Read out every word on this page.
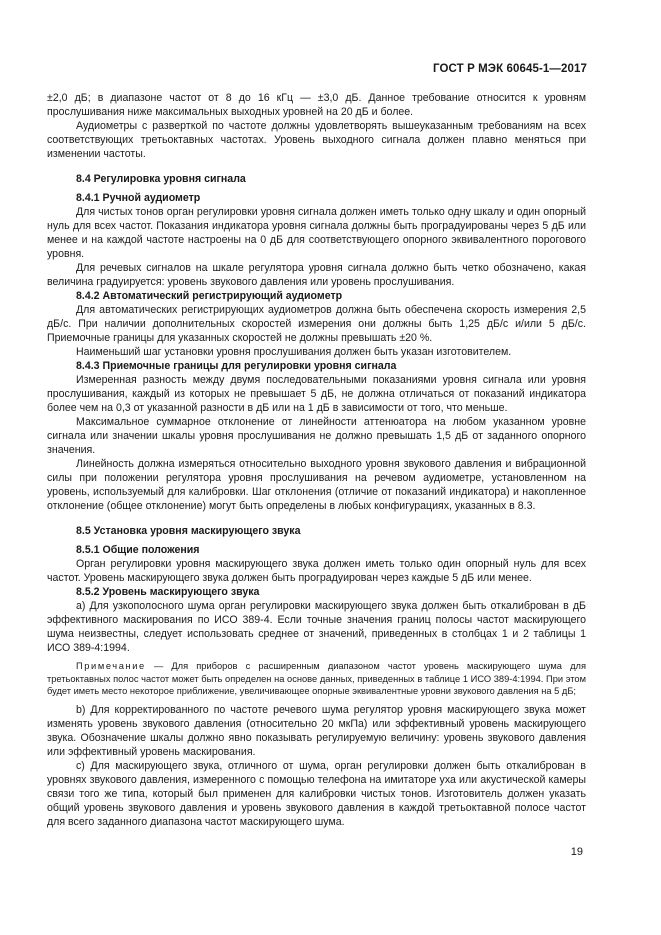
ГОСТ Р МЭК 60645-1—2017

±2,0 дБ; в диапазоне частот от 8 до 16 кГц — ±3,0 дБ. Данное требование относится к уровням прослушивания ниже максимальных выходных уровней на 20 дБ и более.

Аудиометры с разверткой по частоте должны удовлетворять вышеуказанным требованиям на всех соответствующих третьоктавных частотах. Уровень выходного сигнала должен плавно меняться при изменении частоты.

8.4 Регулировка уровня сигнала

8.4.1 Ручной аудиометр

Для чистых тонов орган регулировки уровня сигнала должен иметь только одну шкалу и один опорный нуль для всех частот. Показания индикатора уровня сигнала должны быть проградуированы через 5 дБ или менее и на каждой частоте настроены на 0 дБ для соответствующего опорного эквивалентного порогового уровня.

Для речевых сигналов на шкале регулятора уровня сигнала должно быть четко обозначено, какая величина градуируется: уровень звукового давления или уровень прослушивания.

8.4.2 Автоматический регистрирующий аудиометр

Для автоматических регистрирующих аудиометров должна быть обеспечена скорость измерения 2,5 дБ/с. При наличии дополнительных скоростей измерения они должны быть 1,25 дБ/с и/или 5 дБ/с. Приемочные границы для указанных скоростей не должны превышать ±20 %.

Наименьший шаг установки уровня прослушивания должен быть указан изготовителем.

8.4.3 Приемочные границы для регулировки уровня сигнала

Измеренная разность между двумя последовательными показаниями уровня сигнала или уровня прослушивания, каждый из которых не превышает 5 дБ, не должна отличаться от показаний индикатора более чем на 0,3 от указанной разности в дБ или на 1 дБ в зависимости от того, что меньше.

Максимальное суммарное отклонение от линейности аттенюатора на любом указанном уровне сигнала или значении шкалы уровня прослушивания не должно превышать 1,5 дБ от заданного опорного значения.

Линейность должна измеряться относительно выходного уровня звукового давления и вибрационной силы при положении регулятора уровня прослушивания на речевом аудиометре, установленном на уровень, используемый для калибровки. Шаг отклонения (отличие от показаний индикатора) и накопленное отклонение (общее отклонение) могут быть определены в любых конфигурациях, указанных в 8.3.

8.5 Установка уровня маскирующего звука

8.5.1 Общие положения

Орган регулировки уровня маскирующего звука должен иметь только один опорный нуль для всех частот. Уровень маскирующего звука должен быть проградуирован через каждые 5 дБ или менее.

8.5.2 Уровень маскирующего звука

а) Для узкополосного шума орган регулировки маскирующего звука должен быть откалиброван в дБ эффективного маскирования по ИСО 389-4. Если точные значения границ полосы частот маскирующего шума неизвестны, следует использовать среднее от значений, приведенных в столбцах 1 и 2 таблицы 1 ИСО 389-4:1994.

Примечание — Для приборов с расширенным диапазоном частот уровень маскирующего шума для третьоктавных полос частот может быть определен на основе данных, приведенных в таблице 1 ИСО 389-4:1994. При этом будет иметь место некоторое приближение, увеличивающее опорные эквивалентные уровни звукового давления на 5 дБ;

b) Для корректированного по частоте речевого шума регулятор уровня маскирующего звука может изменять уровень звукового давления (относительно 20 мкПа) или эффективный уровень маскирующего звука. Обозначение шкалы должно явно показывать регулируемую величину: уровень звукового давления или эффективный уровень маскирования.

c) Для маскирующего звука, отличного от шума, орган регулировки должен быть откалиброван в уровнях звукового давления, измеренного с помощью телефона на имитаторе уха или акустической камеры связи того же типа, который был применен для калибровки чистых тонов. Изготовитель должен указать общий уровень звукового давления и уровень звукового давления в каждой третьоктавной полосе частот для всего заданного диапазона частот маскирующего шума.

19
